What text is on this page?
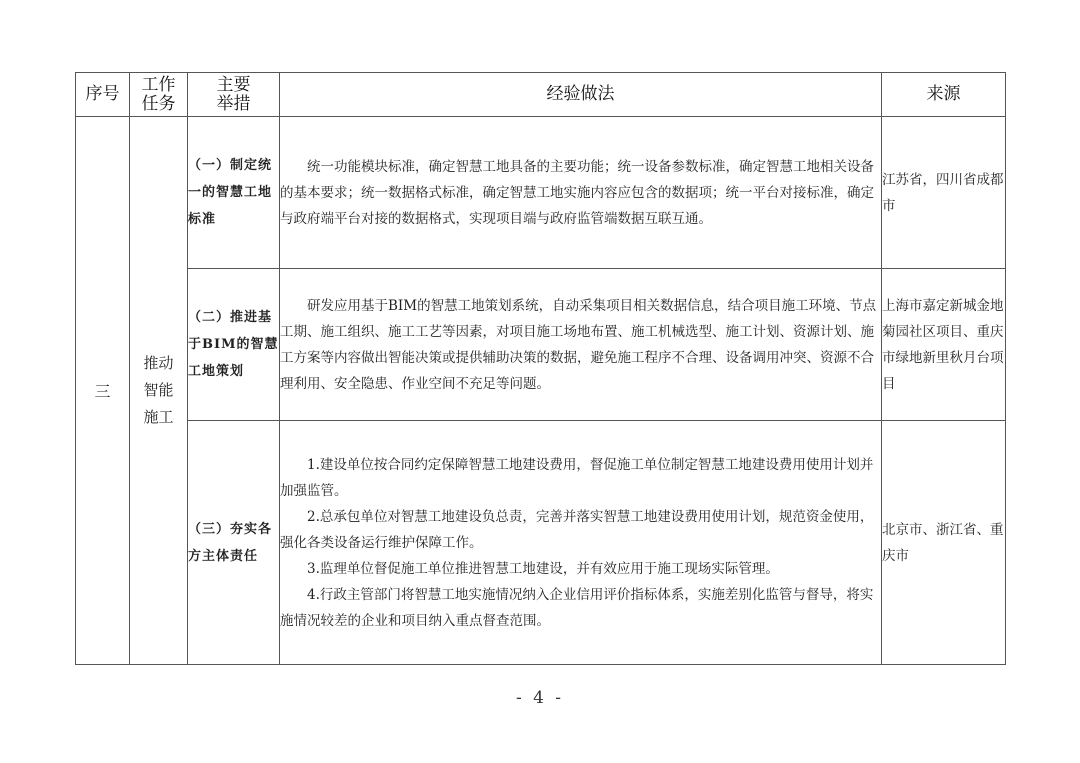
序号	工作任务	主要举措	经验做法	来源
三	推动智能施工	（一）制定统一的智慧工地标准	统一功能模块标准，确定智慧工地具备的主要功能；统一设备参数标准，确定智慧工地相关设备的基本要求；统一数据格式标准，确定智慧工地实施内容应包含的数据项；统一平台对接标准，确定与政府端平台对接的数据格式，实现项目端与政府监管端数据互联互通。	江苏省，四川省成都市
		（二）推进基于BIM的智慧工地策划	研发应用基于BIM的智慧工地策划系统，自动采集项目相关数据信息，结合项目施工环境、节点工期、施工组织、施工工艺等因素，对项目施工场地布置、施工机械选型、施工计划、资源计划、施工方案等内容做出智能决策或提供辅助决策的数据，避免施工程序不合理、设备调用冲突、资源不合理利用、安全隐患、作业空间不充足等问题。	上海市嘉定新城金地菊园社区项目、重庆市绿地新里秋月台项目
		（三）夯实各方主体责任	1.建设单位按合同约定保障智慧工地建设费用，督促施工单位制定智慧工地建设费用使用计划并加强监管。

2.总承包单位对智慧工地建设负总责，完善并落实智慧工地建设费用使用计划，规范资金使用，强化各类设备运行维护保障工作。

3.监理单位督促施工单位推进智慧工地建设，并有效应用于施工现场实际管理。

4.行政主管部门将智慧工地实施情况纳入企业信用评价指标体系，实施差别化监管与督导，将实施情况较差的企业和项目纳入重点督查范围。	北京市、浙江省、重庆市
- 4 -
